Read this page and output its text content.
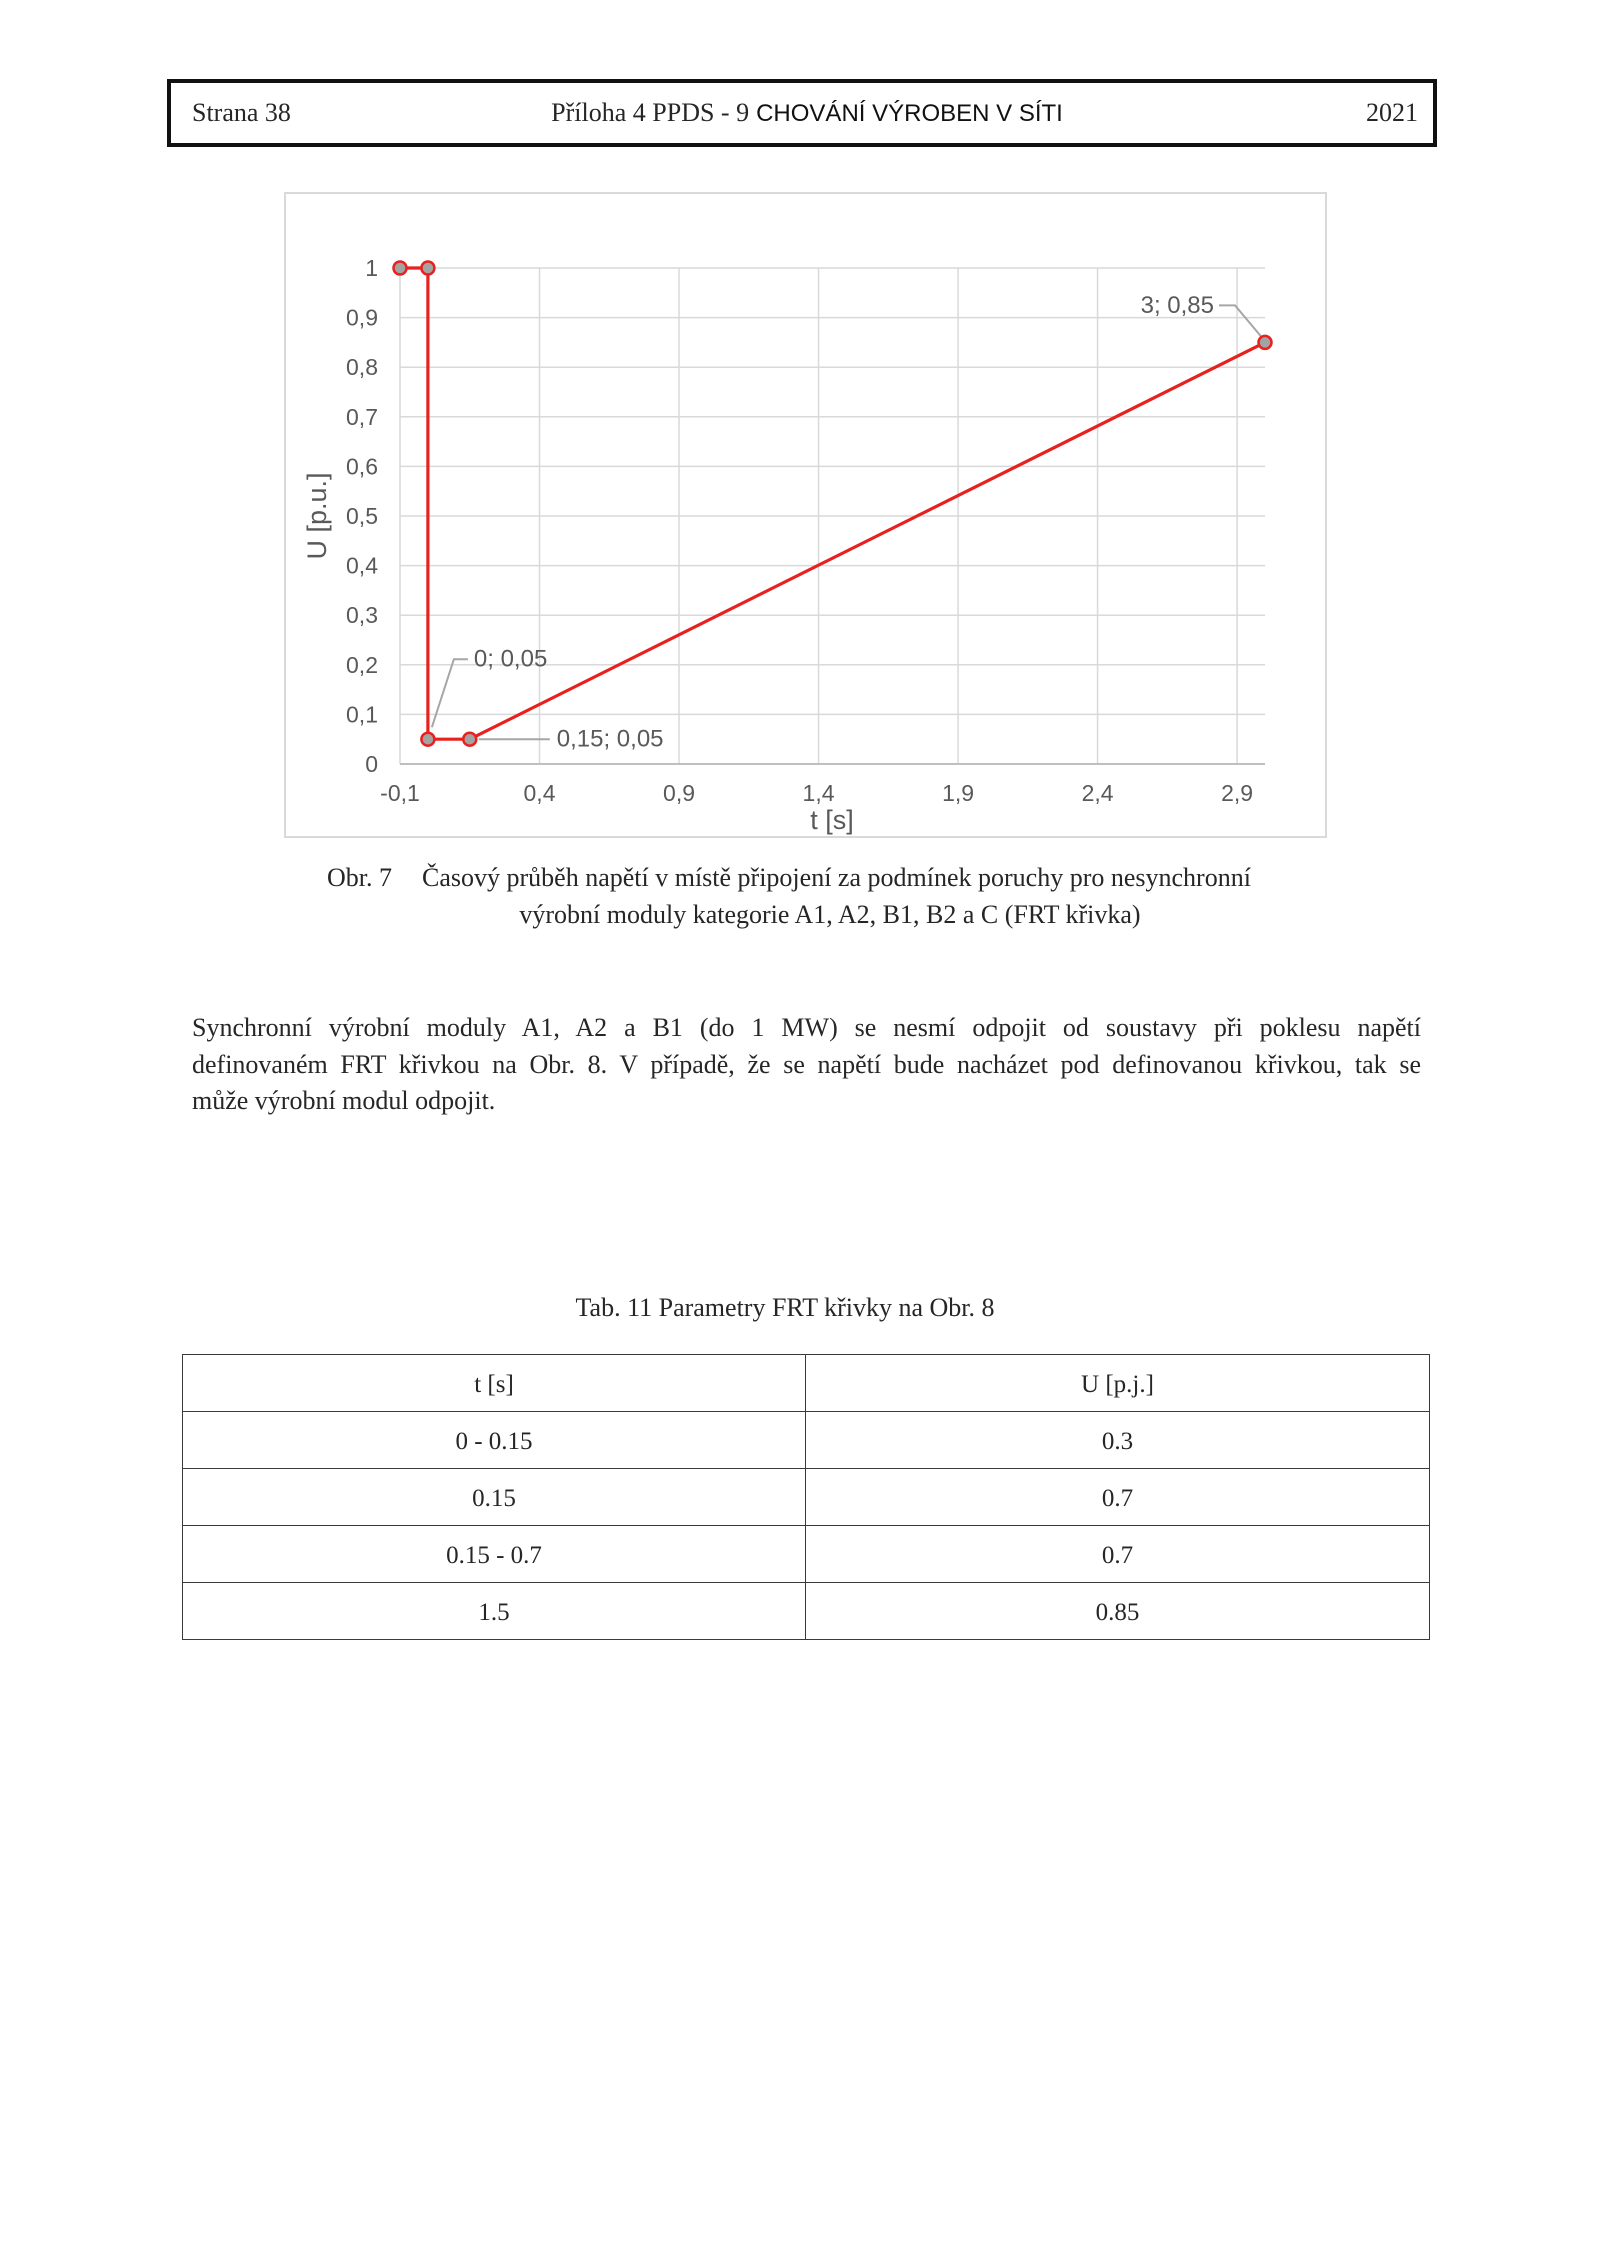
Strana 38	Příloha 4 PPDS - 9 CHOVÁNÍ VÝROBEN V SÍTI	2021
t [s]
U [p.u.]
0
0,1
0,2
0,3
0,4
0,5
0,6
0,7
0,8
0,9
1
-0,1	0,4	0,9	1,4	1,9	2,4	2,9
0; 0,05
0,15; 0,05
3; 0,85
Obr. 7 Časový průběh napětí v místě připojení za podmínek poruchy pro nesynchronní
výrobní moduly kategorie A1, A2, B1, B2 a C (FRT křivka)
Synchronní výrobní moduly A1, A2 a B1 (do 1 MW) se nesmí odpojit od soustavy při poklesu napětí
definovaném FRT křivkou na Obr. 8. V případě, že se napětí bude nacházet pod definovanou křivkou, tak se
může výrobní modul odpojit.
Tab. 11 Parametry FRT křivky na Obr. 8
t [s]	U [p.j.]
0 - 0.15	0.3
0.15	0.7
0.15 - 0.7	0.7
1.5	0.85
